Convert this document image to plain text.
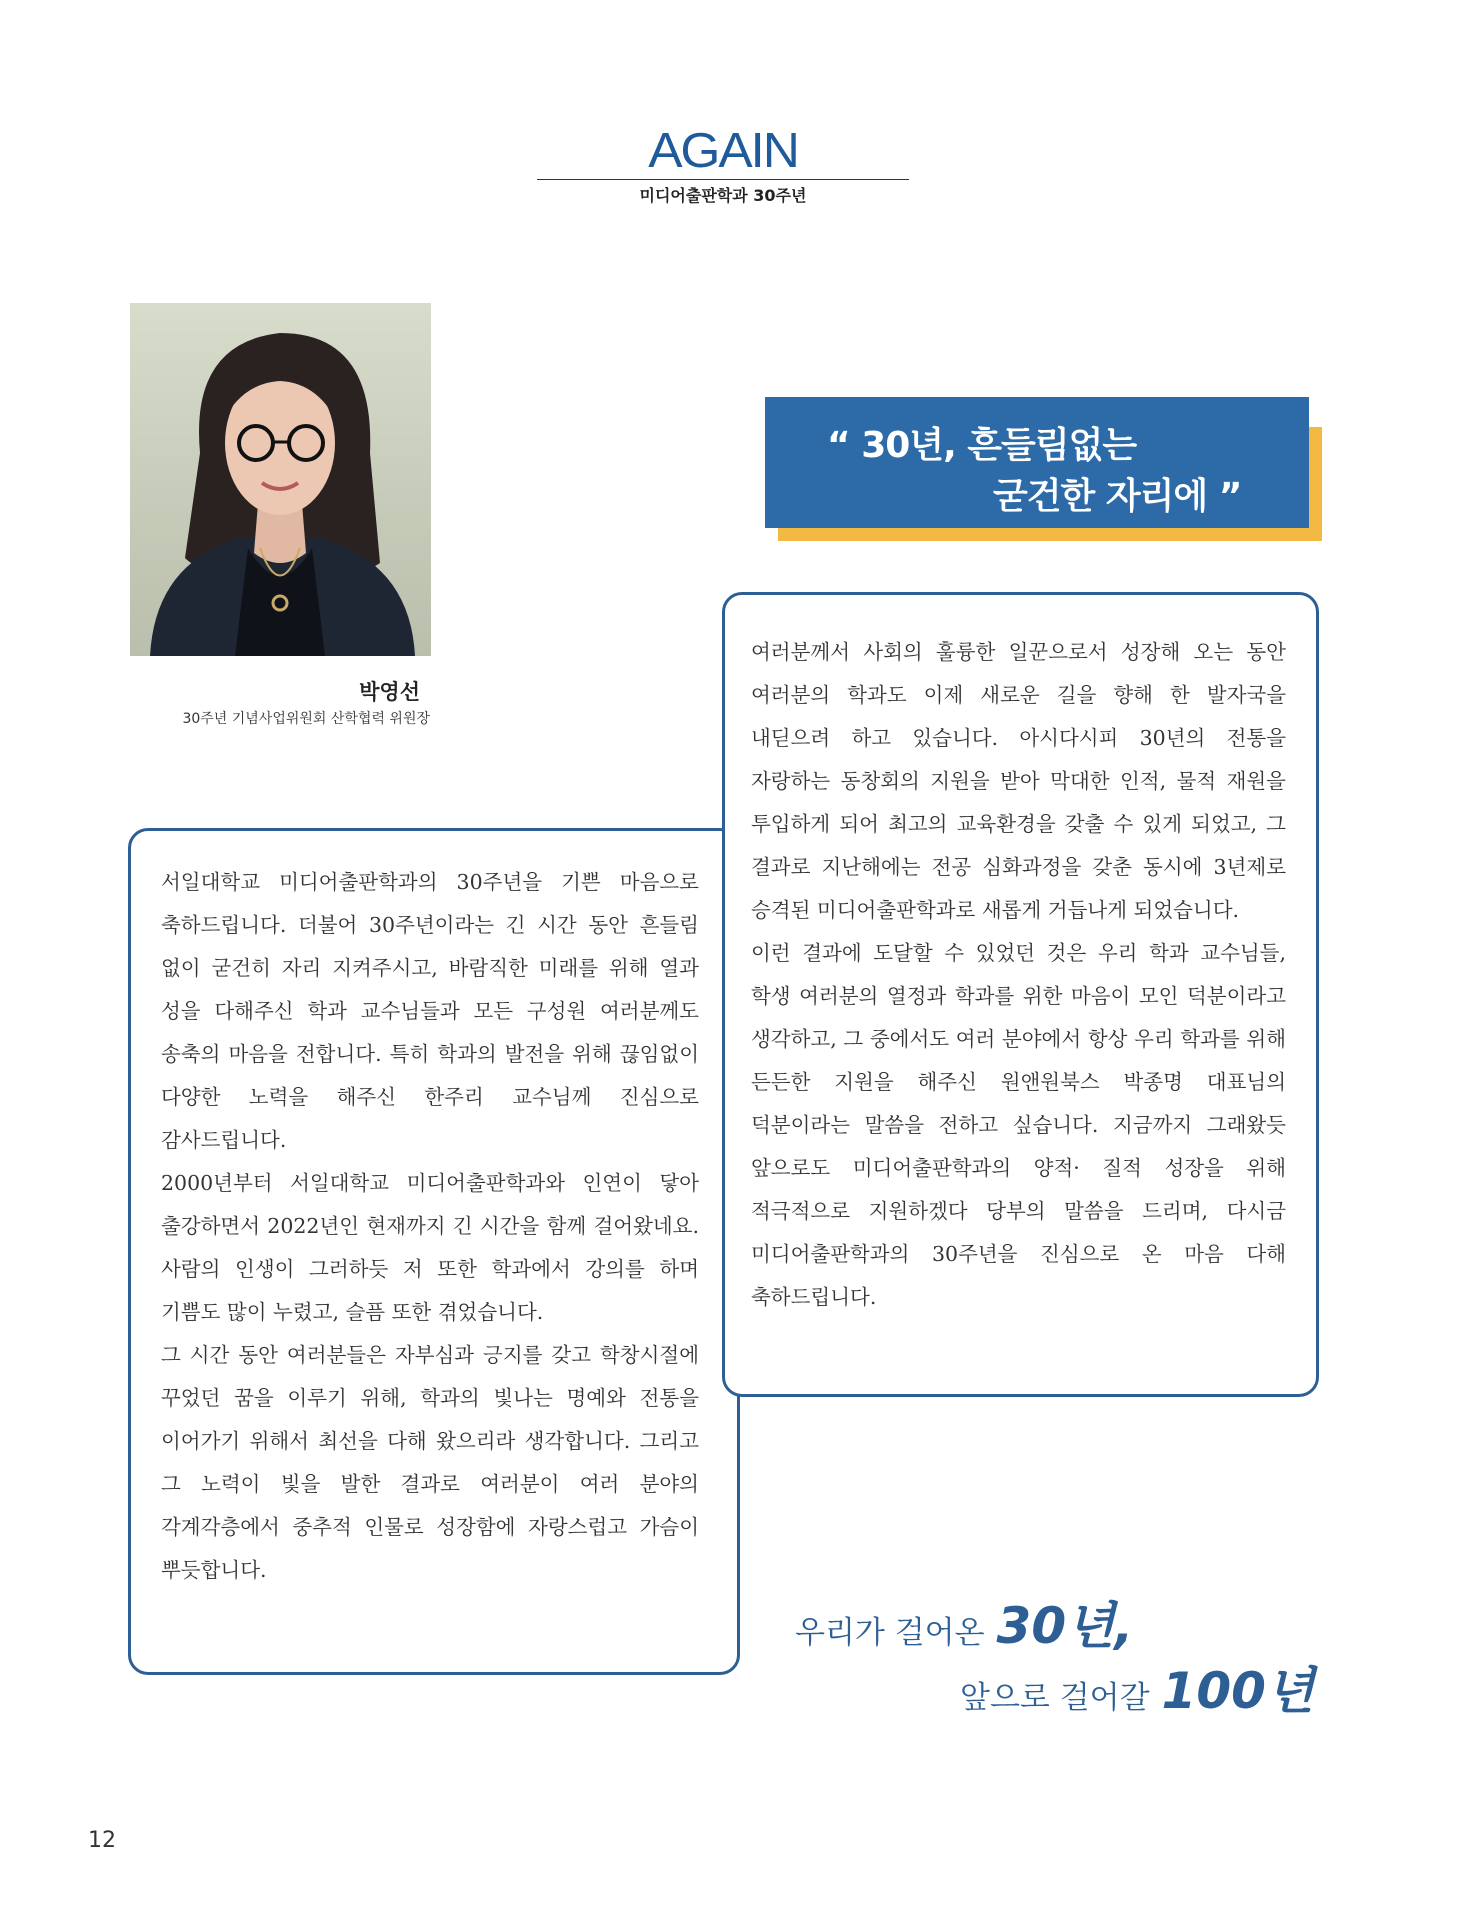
AGAIN
미디어출판학과 30주년
박영선
30주년 기념사업위원회 산학협력 위원장
“ 30년, 흔들림없는
굳건한 자리에 ”

서일대학교 미디어출판학과의 30주년을 기쁜 마음으로 축하드립니다. 더불어 30주년이라는 긴 시간 동안 흔들림 없이 굳건히 자리 지켜주시고, 바람직한 미래를 위해 열과 성을 다해주신 학과 교수님들과 모든 구성원 여러분께도 송축의 마음을 전합니다. 특히 학과의 발전을 위해 끊임없이 다양한 노력을 해주신 한주리 교수님께 진심으로 감사드립니다.

2000년부터 서일대학교 미디어출판학과와 인연이 닿아 출강하면서 2022년인 현재까지 긴 시간을 함께 걸어왔네요. 사람의 인생이 그러하듯 저 또한 학과에서 강의를 하며 기쁨도 많이 누렸고, 슬픔 또한 겪었습니다.

그 시간 동안 여러분들은 자부심과 긍지를 갖고 학창시절에 꾸었던 꿈을 이루기 위해, 학과의 빛나는 명예와 전통을 이어가기 위해서 최선을 다해 왔으리라 생각합니다. 그리고 그 노력이 빛을 발한 결과로 여러분이 여러 분야의 각계각층에서 중추적 인물로 성장함에 자랑스럽고 가슴이 뿌듯합니다.

여러분께서 사회의 훌륭한 일꾼으로서 성장해 오는 동안 여러분의 학과도 이제 새로운 길을 향해 한 발자국을 내딛으려 하고 있습니다. 아시다시피 30년의 전통을 자랑하는 동창회의 지원을 받아 막대한 인적, 물적 재원을 투입하게 되어 최고의 교육환경을 갖출 수 있게 되었고, 그 결과로 지난해에는 전공 심화과정을 갖춘 동시에 3년제로 승격된 미디어출판학과로 새롭게 거듭나게 되었습니다.

이런 결과에 도달할 수 있었던 것은 우리 학과 교수님들, 학생 여러분의 열정과 학과를 위한 마음이 모인 덕분이라고 생각하고, 그 중에서도 여러 분야에서 항상 우리 학과를 위해 든든한 지원을 해주신 원앤원북스 박종명 대표님의 덕분이라는 말씀을 전하고 싶습니다. 지금까지 그래왔듯 앞으로도 미디어출판학과의 양적· 질적 성장을 위해 적극적으로 지원하겠다 당부의 말씀을 드리며, 다시금 미디어출판학과의 30주년을 진심으로 온 마음 다해 축하드립니다.

우리가 걸어온 30년,
앞으로 걸어갈 100년
12
